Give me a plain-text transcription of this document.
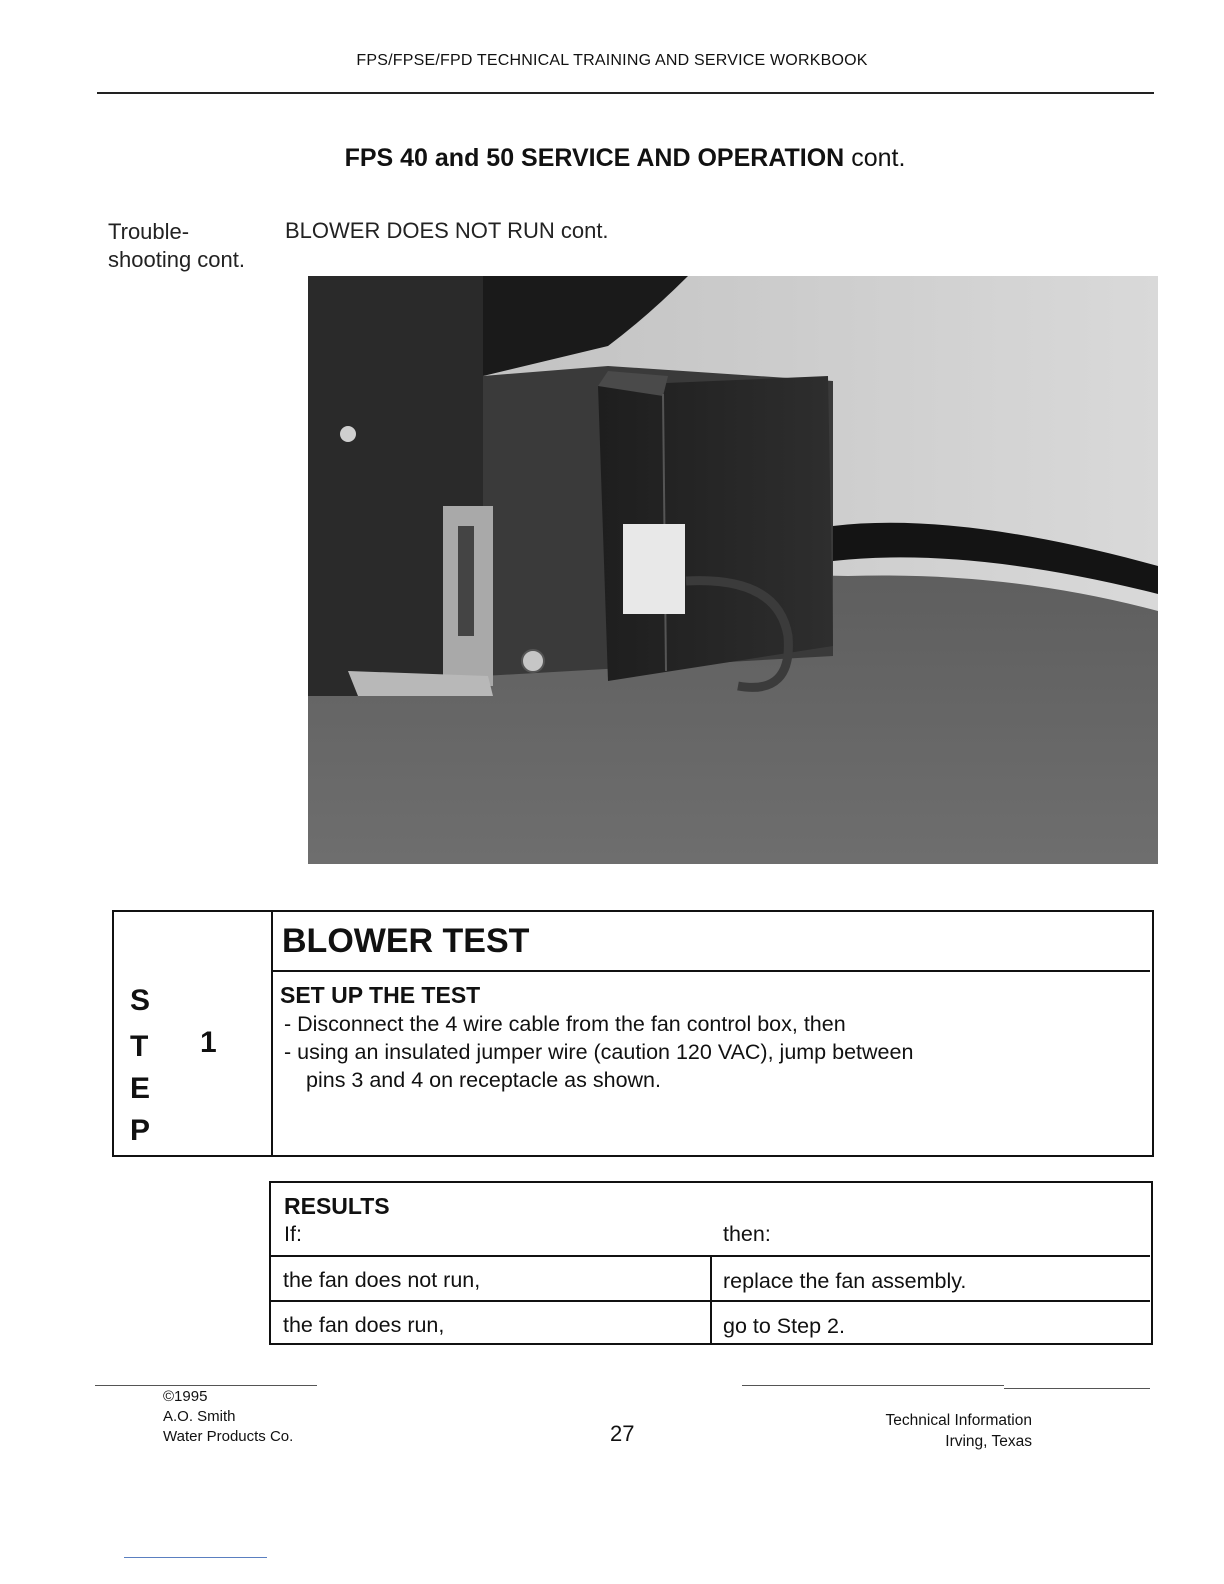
FPS/FPSE/FPD TECHNICAL TRAINING AND SERVICE WORKBOOK
FPS 40 and 50 SERVICE AND OPERATION cont.
Trouble-
shooting cont.
BLOWER DOES NOT RUN cont.
S
T
E
P
1
BLOWER TEST
SET UP THE TEST
- Disconnect the 4 wire cable from the fan control box, then
- using an insulated jumper wire (caution 120 VAC), jump between
pins 3 and 4 on receptacle as shown.
RESULTS
If:	then:
the fan does not run,	replace the fan assembly.
the fan does run,	go to Step 2.
©1995
A.O. Smith
Water Products Co.	27
Technical Information
Irving, Texas
